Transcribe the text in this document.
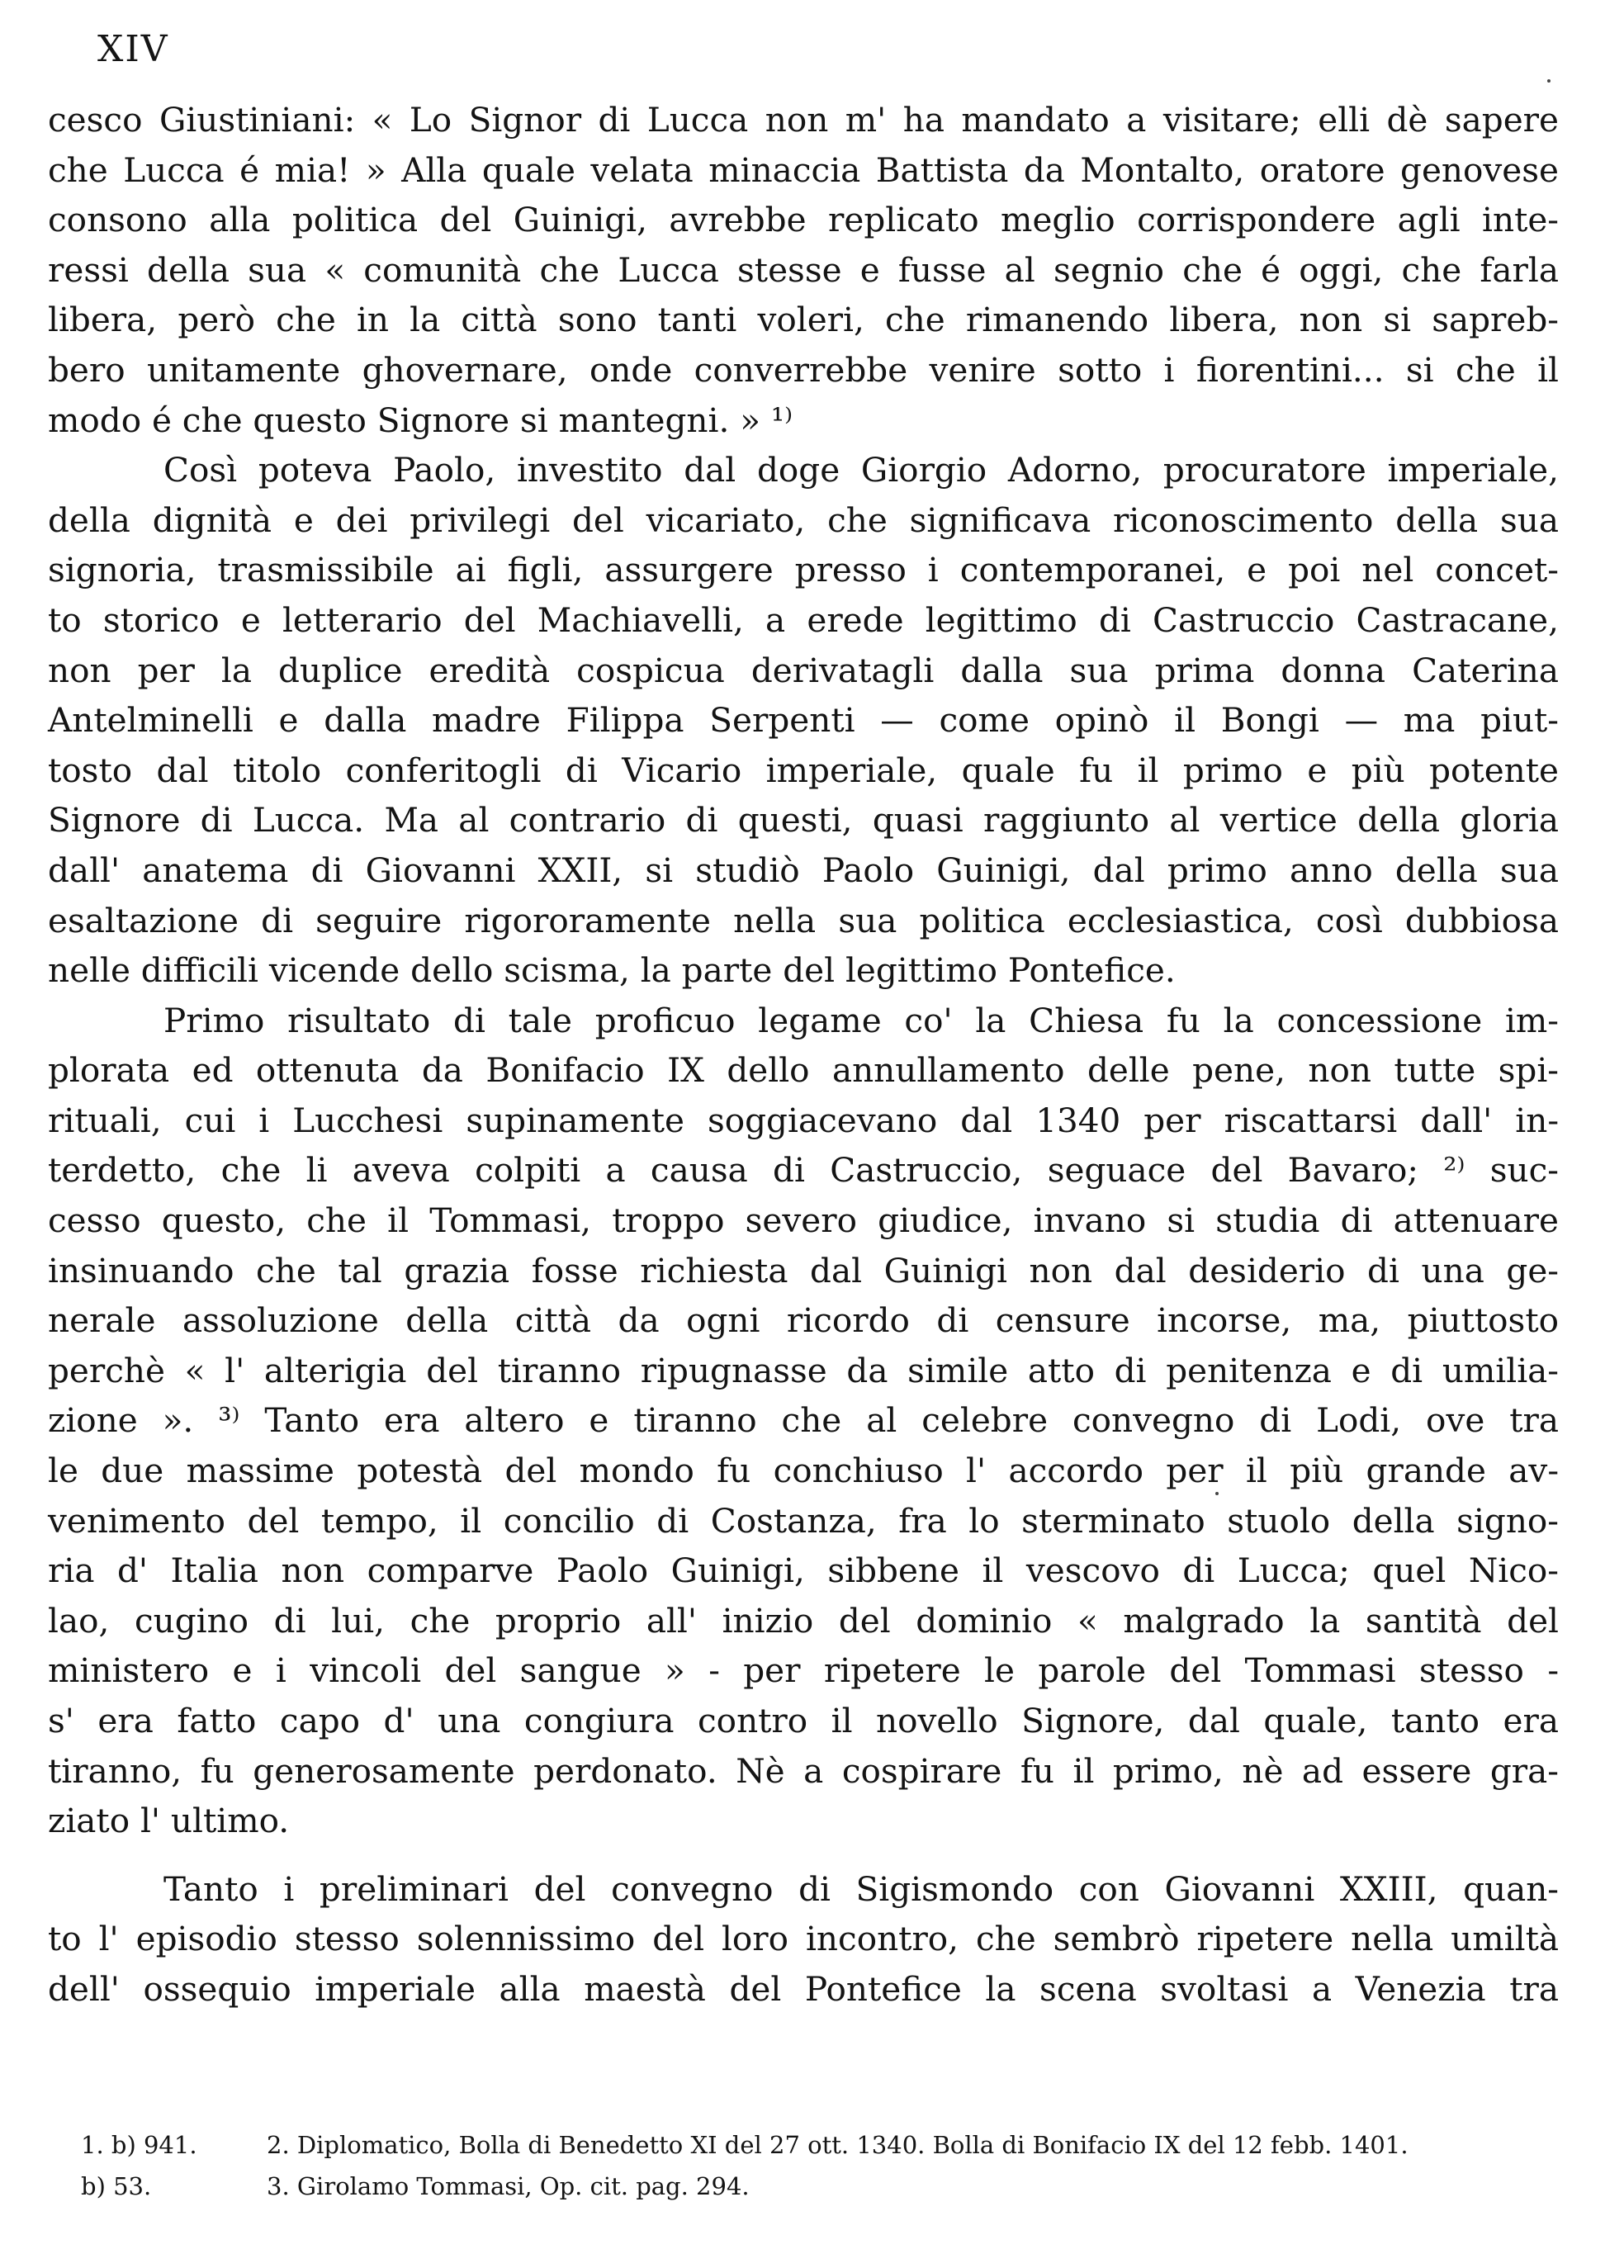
XIV
cesco Giustiniani: « Lo Signor di Lucca non m' ha mandato a visitare; elli dè sapere
che Lucca é mia! » Alla quale velata minaccia Battista da Montalto, oratore genovese
consono alla politica del Guinigi, avrebbe replicato meglio corrispondere agli inte-
ressi della sua « comunità che Lucca stesse e fusse al segnio che é oggi, che farla
libera, però che in la città sono tanti voleri, che rimanendo libera, non si sapreb-
bero unitamente ghovernare, onde converrebbe venire sotto i fiorentini... si che il
modo é che questo Signore si mantegni. » ¹⁾
Così poteva Paolo, investito dal doge Giorgio Adorno, procuratore imperiale,
della dignità e dei privilegi del vicariato, che significava riconoscimento della sua
signoria, trasmissibile ai figli, assurgere presso i contemporanei, e poi nel concet-
to storico e letterario del Machiavelli, a erede legittimo di Castruccio Castracane,
non per la duplice eredità cospicua derivatagli dalla sua prima donna Caterina
Antelminelli e dalla madre Filippa Serpenti — come opinò il Bongi — ma piut-
tosto dal titolo conferitogli di Vicario imperiale, quale fu il primo e più potente
Signore di Lucca. Ma al contrario di questi, quasi raggiunto al vertice della gloria
dall' anatema di Giovanni XXII, si studiò Paolo Guinigi, dal primo anno della sua
esaltazione di seguire rigororamente nella sua politica ecclesiastica, così dubbiosa
nelle difficili vicende dello scisma, la parte del legittimo Pontefice.
Primo risultato di tale proficuo legame co' la Chiesa fu la concessione im-
plorata ed ottenuta da Bonifacio IX dello annullamento delle pene, non tutte spi-
rituali, cui i Lucchesi supinamente soggiacevano dal 1340 per riscattarsi dall' in-
terdetto, che li aveva colpiti a causa di Castruccio, seguace del Bavaro; ²⁾ suc-
cesso questo, che il Tommasi, troppo severo giudice, invano si studia di attenuare
insinuando che tal grazia fosse richiesta dal Guinigi non dal desiderio di una ge-
nerale assoluzione della città da ogni ricordo di censure incorse, ma, piuttosto
perchè « l' alterigia del tiranno ripugnasse da simile atto di penitenza e di umilia-
zione ». ³⁾ Tanto era altero e tiranno che al celebre convegno di Lodi, ove tra
le due massime potestà del mondo fu conchiuso l' accordo per il più grande av-
venimento del tempo, il concilio di Costanza, fra lo sterminato stuolo della signo-
ria d' Italia non comparve Paolo Guinigi, sibbene il vescovo di Lucca; quel Nico-
lao, cugino di lui, che proprio all' inizio del dominio « malgrado la santità del
ministero e i vincoli del sangue » - per ripetere le parole del Tommasi stesso -
s' era fatto capo d' una congiura contro il novello Signore, dal quale, tanto era
tiranno, fu generosamente perdonato. Nè a cospirare fu il primo, nè ad essere gra-
ziato l' ultimo.
Tanto i preliminari del convegno di Sigismondo con Giovanni XXIII, quan-
to l' episodio stesso solennissimo del loro incontro, che sembrò ripetere nella umiltà
dell' ossequio imperiale alla maestà del Pontefice la scena svoltasi a Venezia tra
1. b) 941.	2. Diplomatico, Bolla di Benedetto XI del 27 ott. 1340. Bolla di Bonifacio IX del 12 febb. 1401.
b) 53.	3. Girolamo Tommasi, Op. cit. pag. 294.
